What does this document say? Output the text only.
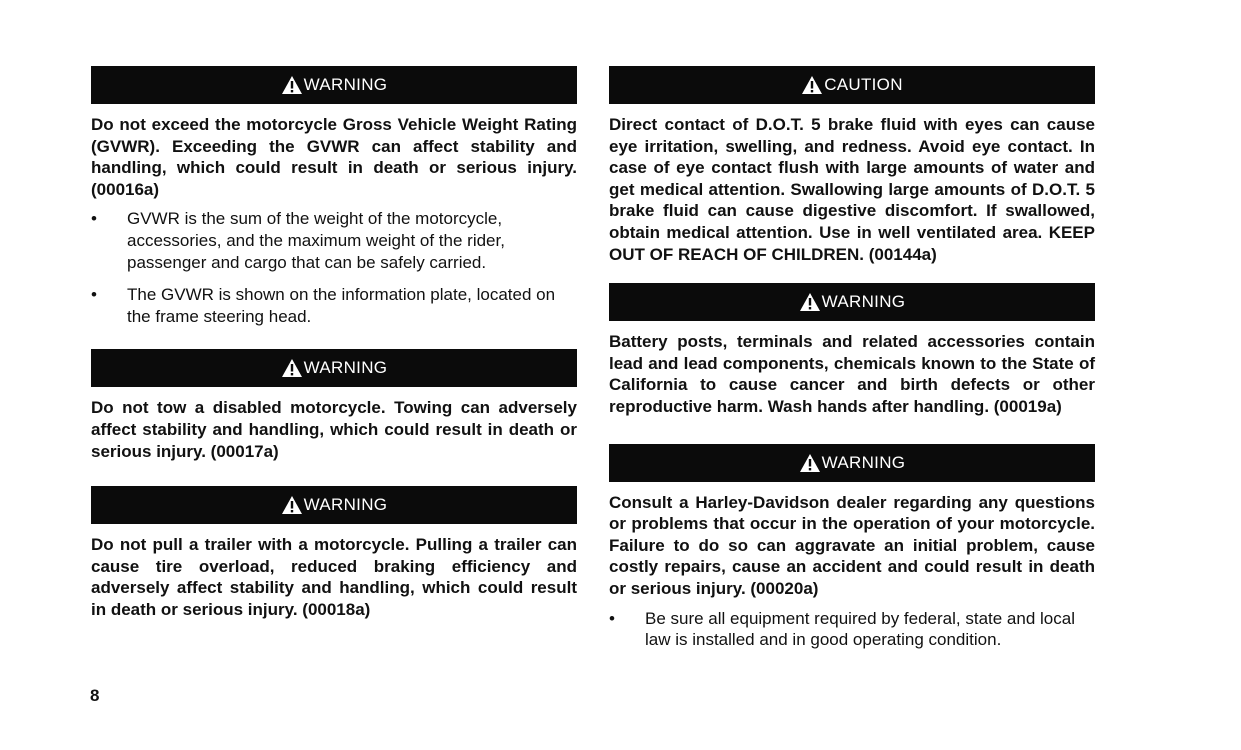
WARNING

Do not exceed the motorcycle Gross Vehicle Weight Rating (GVWR). Exceeding the GVWR can affect stability and handling, which could result in death or serious injury. (00016a)

• GVWR is the sum of the weight of the motorcycle, accessories, and the maximum weight of the rider, passenger and cargo that can be safely carried.
• The GVWR is shown on the information plate, located on the frame steering head.
WARNING

Do not tow a disabled motorcycle. Towing can adversely affect stability and handling, which could result in death or serious injury. (00017a)

WARNING

Do not pull a trailer with a motorcycle. Pulling a trailer can cause tire overload, reduced braking efficiency and adversely affect stability and handling, which could result in death or serious injury. (00018a)

CAUTION

Direct contact of D.O.T. 5 brake fluid with eyes can cause eye irritation, swelling, and redness. Avoid eye contact. In case of eye contact flush with large amounts of water and get medical attention. Swallowing large amounts of D.O.T. 5 brake fluid can cause digestive discomfort. If swallowed, obtain medical attention. Use in well ventilated area. KEEP OUT OF REACH OF CHILDREN. (00144a)

WARNING

Battery posts, terminals and related accessories contain lead and lead components, chemicals known to the State of California to cause cancer and birth defects or other reproductive harm. Wash hands after handling. (00019a)

WARNING

Consult a Harley-Davidson dealer regarding any questions or problems that occur in the operation of your motorcycle. Failure to do so can aggravate an initial problem, cause costly repairs, cause an accident and could result in death or serious injury. (00020a)

• Be sure all equipment required by federal, state and local law is installed and in good operating condition.
8
